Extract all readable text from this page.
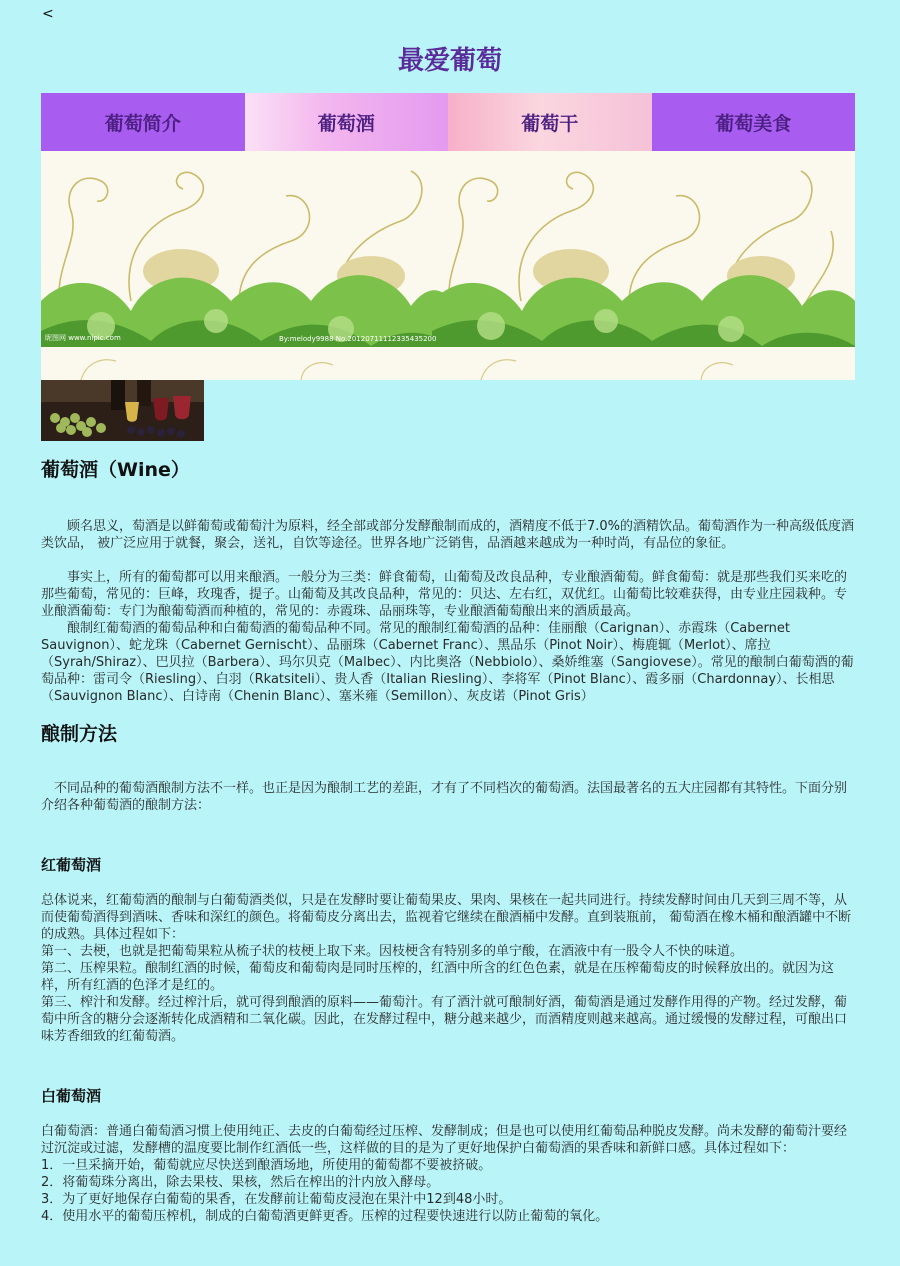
<
最爱葡萄
葡萄简介	葡萄酒	葡萄干	葡萄美食
昵图网 www.nipic.com	By:melody9988 No.20120711112335435200
葡萄酒（Wine）

顾名思义，萄酒是以鲜葡萄或葡萄汁为原料，经全部或部分发酵酿制而成的，酒精度不低于7.0%的酒精饮品。葡萄酒作为一种高级低度酒类饮品， 被广泛应用于就餐，聚会，送礼，自饮等途径。世界各地广泛销售，品酒越来越成为一种时尚，有品位的象征。

事实上，所有的葡萄都可以用来酿酒。一般分为三类：鲜食葡萄，山葡萄及改良品种，专业酿酒葡萄。鲜食葡萄：就是那些我们买来吃的那些葡萄，常见的：巨峰，玫瑰香，提子。山葡萄及其改良品种，常见的：贝达、左右红，双优红。山葡萄比较难获得，由专业庄园栽种。专业酿酒葡萄：专门为酿葡萄酒而种植的，常见的：赤霞珠、品丽珠等，专业酿酒葡萄酿出来的酒质最高。

酿制红葡萄酒的葡萄品种和白葡萄酒的葡萄品种不同。常见的酿制红葡萄酒的品种：佳丽酿（Carignan）、赤霞珠（Cabernet Sauvignon）、蛇龙珠（Cabernet Gernischt）、品丽珠（Cabernet Franc）、黑品乐（Pinot Noir）、梅鹿辄（Merlot）、席拉（Syrah/Shiraz）、巴贝拉（Barbera）、玛尔贝克（Malbec）、内比奥洛（Nebbiolo）、桑娇维塞（Sangiovese）。常见的酿制白葡萄酒的葡萄品种：雷司令（Riesling）、白羽（Rkatsiteli）、贵人香（Italian Riesling）、李将军（Pinot Blanc）、霞多丽（Chardonnay）、长相思（Sauvignon Blanc）、白诗南（Chenin Blanc）、塞米雍（Semillon）、灰皮诺（Pinot Gris）

酿制方法

不同品种的葡萄酒酿制方法不一样。也正是因为酿制工艺的差距，才有了不同档次的葡萄酒。法国最著名的五大庄园都有其特性。下面分别介绍各种葡萄酒的酿制方法：

红葡萄酒

总体说来，红葡萄酒的酿制与白葡萄酒类似，只是在发酵时要让葡萄果皮、果肉、果核在一起共同进行。持续发酵时间由几天到三周不等，从而使葡萄酒得到酒味、香味和深红的颜色。将葡萄皮分离出去，监视着它继续在酿酒桶中发酵。直到装瓶前， 葡萄酒在橡木桶和酿酒罐中不断的成熟。具体过程如下：

第一、去梗，也就是把葡萄果粒从梳子状的枝梗上取下来。因枝梗含有特别多的单宁酸，在酒液中有一股令人不快的味道。

第二、压榨果粒。酿制红酒的时候，葡萄皮和葡萄肉是同时压榨的，红酒中所含的红色色素，就是在压榨葡萄皮的时候释放出的。就因为这样，所有红酒的色泽才是红的。

第三、榨汁和发酵。经过榨汁后，就可得到酿酒的原料——葡萄汁。有了酒汁就可酿制好酒，葡萄酒是通过发酵作用得的产物。经过发酵，葡萄中所含的糖分会逐渐转化成酒精和二氧化碳。因此，在发酵过程中，糖分越来越少，而酒精度则越来越高。通过缓慢的发酵过程，可酿出口味芳香细致的红葡萄酒。

白葡萄酒

白葡萄酒：普通白葡萄酒习惯上使用纯正、去皮的白葡萄经过压榨、发酵制成；但是也可以使用红葡萄品种脱皮发酵。尚未发酵的葡萄汁要经过沉淀或过滤，发酵槽的温度要比制作红酒低一些，这样做的目的是为了更好地保护白葡萄酒的果香味和新鲜口感。具体过程如下：

1．一旦采摘开始，葡萄就应尽快送到酿酒场地，所使用的葡萄都不要被挤破。

2．将葡萄珠分离出，除去果枝、果核，然后在榨出的汁内放入酵母。

3．为了更好地保存白葡萄的果香，在发酵前让葡萄皮浸泡在果汁中12到48小时。

4．使用水平的葡萄压榨机，制成的白葡萄酒更鲜更香。压榨的过程要快速进行以防止葡萄的氧化。
